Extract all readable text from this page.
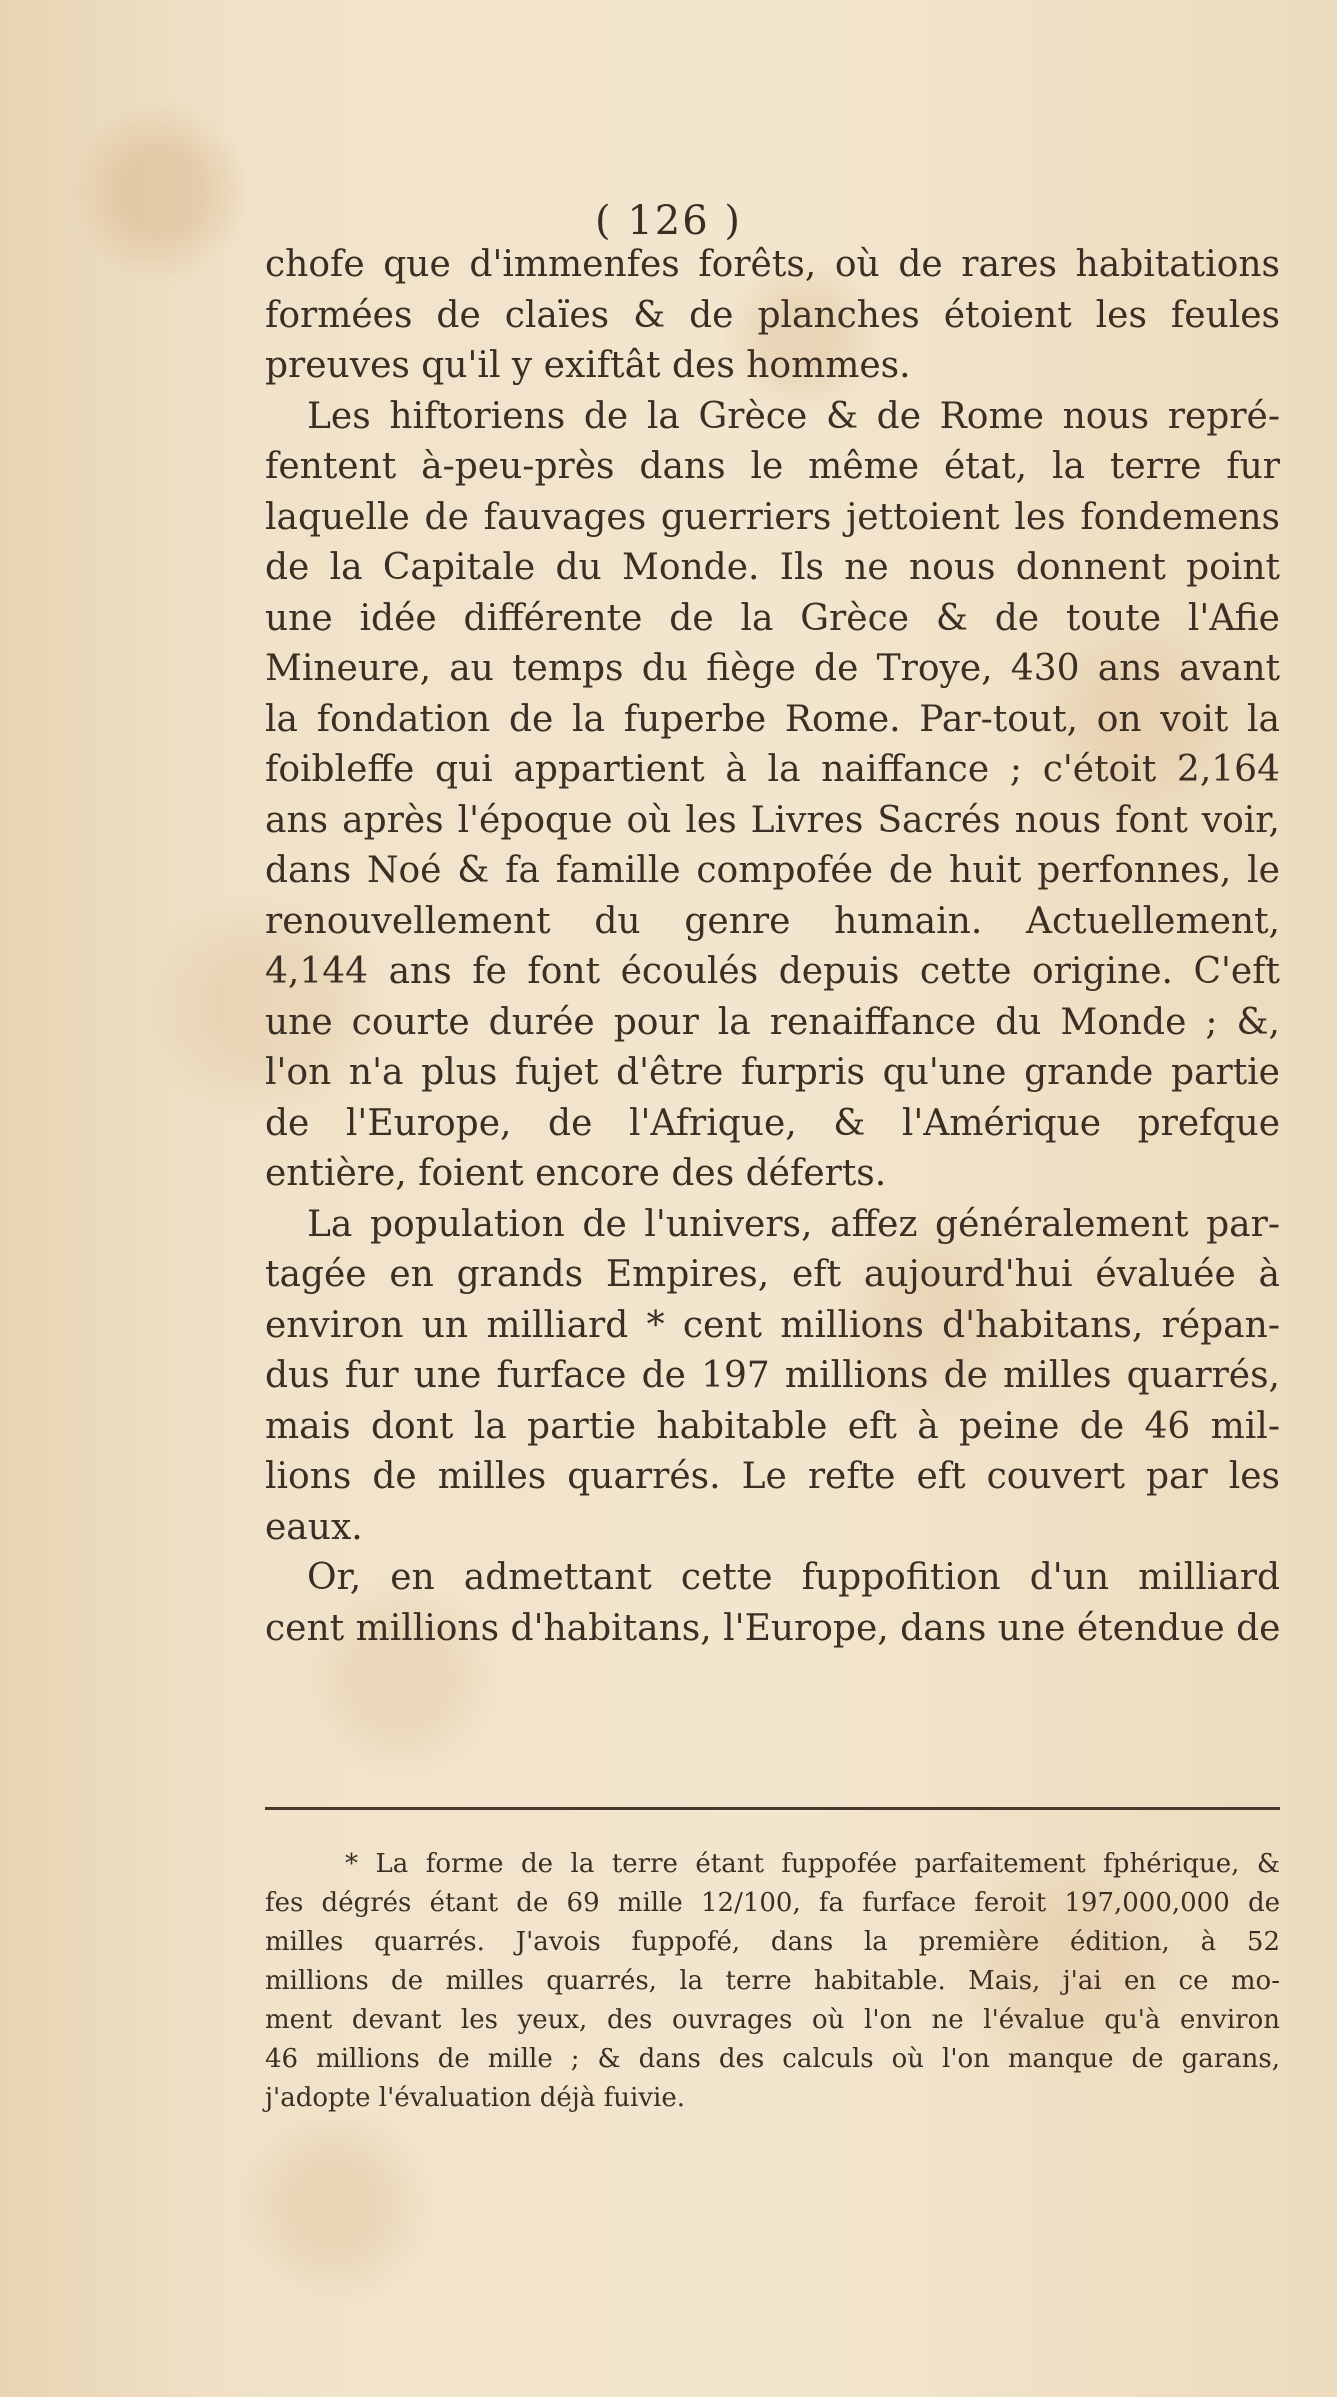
( 126 )
chofe que d'immenfes forêts, où de rares habitations
formées de claïes & de planches étoient les feules
preuves qu'il y exiftât des hommes.
Les hiftoriens de la Grèce & de Rome nous repré-
fentent à-peu-près dans le même état, la terre fur
laquelle de fauvages guerriers jettoient les fondemens
de la Capitale du Monde. Ils ne nous donnent point
une idée différente de la Grèce & de toute l'Afie
Mineure, au temps du fiège de Troye, 430 ans avant
la fondation de la fuperbe Rome. Par-tout, on voit la
foibleffe qui appartient à la naiffance ; c'étoit 2,164
ans après l'époque où les Livres Sacrés nous font voir,
dans Noé & fa famille compofée de huit perfonnes, le
renouvellement du genre humain. Actuellement,
4,144 ans fe font écoulés depuis cette origine. C'eft
une courte durée pour la renaiffance du Monde ; &,
l'on n'a plus fujet d'être furpris qu'une grande partie
de l'Europe, de l'Afrique, & l'Amérique prefque
entière, foient encore des déferts.
La population de l'univers, affez généralement par-
tagée en grands Empires, eft aujourd'hui évaluée à
environ un milliard * cent millions d'habitans, répan-
dus fur une furface de 197 millions de milles quarrés,
mais dont la partie habitable eft à peine de 46 mil-
lions de milles quarrés. Le refte eft couvert par les
eaux.
Or, en admettant cette fuppofition d'un milliard
cent millions d'habitans, l'Europe, dans une étendue de
* La forme de la terre étant fuppofée parfaitement fphérique, &
fes dégrés étant de 69 mille 12/100, fa furface feroit 197,000,000 de
milles quarrés. J'avois fuppofé, dans la première édition, à 52
millions de milles quarrés, la terre habitable. Mais, j'ai en ce mo-
ment devant les yeux, des ouvrages où l'on ne l'évalue qu'à environ
46 millions de mille ; & dans des calculs où l'on manque de garans,
j'adopte l'évaluation déjà fuivie.
